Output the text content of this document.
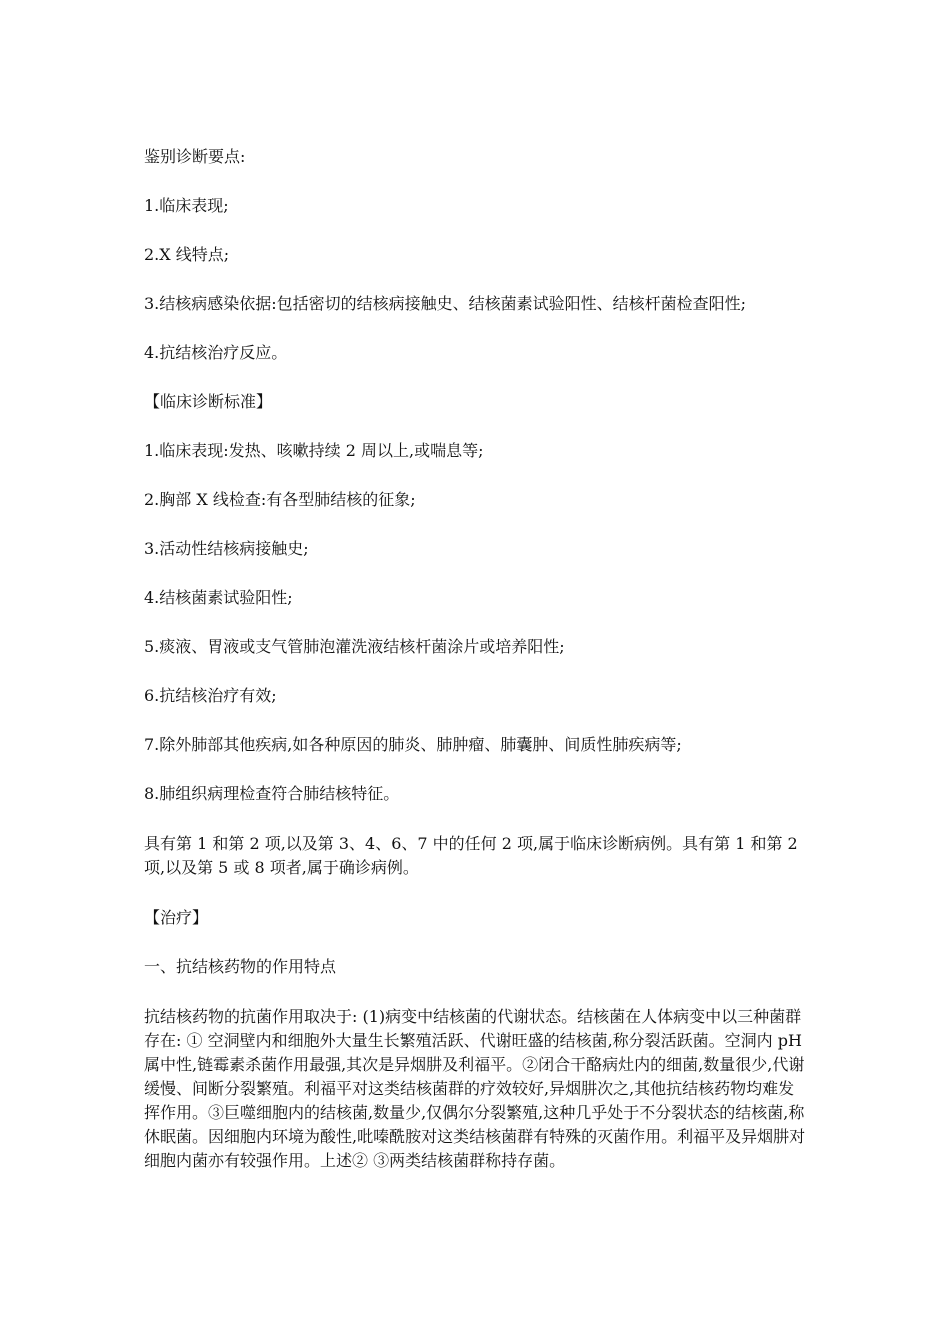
鉴别诊断要点:

1.临床表现;

2.X 线特点;

3.结核病感染依据:包括密切的结核病接触史、结核菌素试验阳性、结核杆菌检查阳性;

4.抗结核治疗反应。

【临床诊断标准】

1.临床表现:发热、咳嗽持续 2 周以上,或喘息等;

2.胸部 X 线检查:有各型肺结核的征象;

3.活动性结核病接触史;

4.结核菌素试验阳性;

5.痰液、胃液或支气管肺泡灌洗液结核杆菌涂片或培养阳性;

6.抗结核治疗有效;

7.除外肺部其他疾病,如各种原因的肺炎、肺肿瘤、肺囊肿、间质性肺疾病等;

8.肺组织病理检查符合肺结核特征。

具有第 1 和第 2 项,以及第 3、4、6、7 中的任何 2 项,属于临床诊断病例。具有第 1 和第 2 项,以及第 5 或 8 项者,属于确诊病例。

【治疗】

一、抗结核药物的作用特点

抗结核药物的抗菌作用取决于: (1)病变中结核菌的代谢状态。结核菌在人体病变中以三种菌群存在: ① 空洞壁内和细胞外大量生长繁殖活跃、代谢旺盛的结核菌,称分裂活跃菌。空洞内 pH 属中性,链霉素杀菌作用最强,其次是异烟肼及利福平。②闭合干酪病灶内的细菌,数量很少,代谢缓慢、间断分裂繁殖。利福平对这类结核菌群的疗效较好,异烟肼次之,其他抗结核药物均难发挥作用。③巨噬细胞内的结核菌,数量少,仅偶尔分裂繁殖,这种几乎处于不分裂状态的结核菌,称休眠菌。因细胞内环境为酸性,吡嗪酰胺对这类结核菌群有特殊的灭菌作用。利福平及异烟肼对细胞内菌亦有较强作用。上述② ③两类结核菌群称持存菌。
